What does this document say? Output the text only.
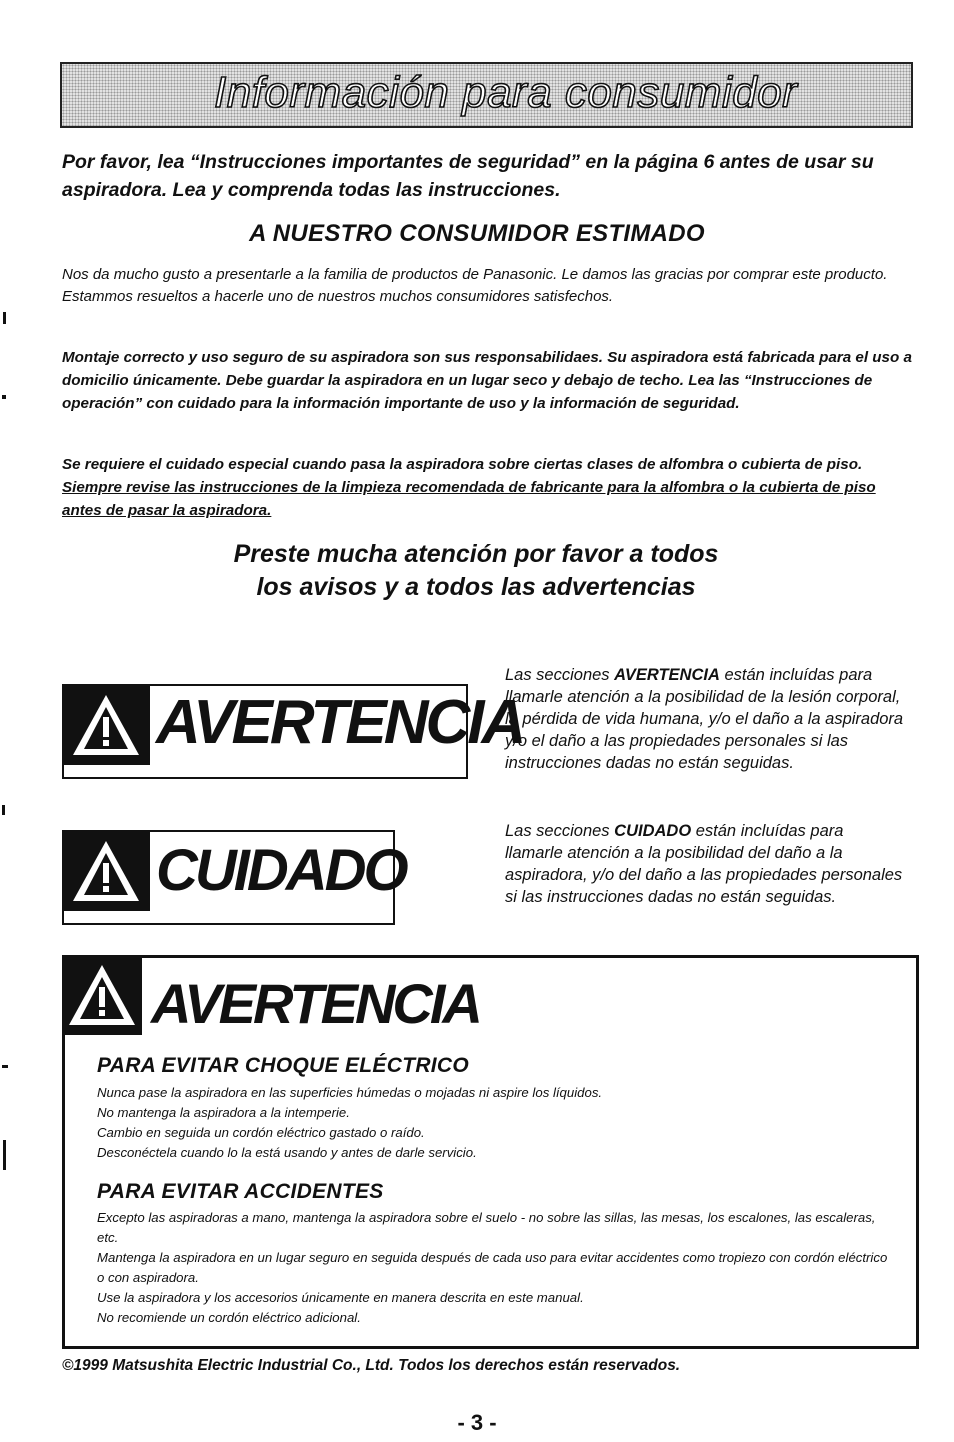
Información para consumidor
Por favor, lea “Instrucciones importantes de seguridad” en la página 6 antes de usar su aspiradora. Lea y comprenda todas las instrucciones.
A NUESTRO CONSUMIDOR ESTIMADO
Nos da mucho gusto a presentarle a la familia de productos de Panasonic. Le damos las gracias por comprar este producto. Estammos resueltos a hacerle uno de nuestros muchos consumidores satisfechos.
Montaje correcto y uso seguro de su aspiradora son sus responsabilidaes. Su aspiradora está fabricada para el uso a domicilio únicamente. Debe guardar la aspiradora en un lugar seco y debajo de techo. Lea las “Instrucciones de operación” con cuidado para la información importante de uso y la información de seguridad.
Se requiere el cuidado especial cuando pasa la aspiradora sobre ciertas clases de alfombra o cubierta de piso. Siempre revise las instrucciones de la limpieza recomendada de fabricante para la alfombra o la cubierta de piso antes de pasar la aspiradora.
Preste mucha atención por favor a todos
los avisos y a todos las advertencias
AVERTENCIA
CUIDADO
Las secciones AVERTENCIA están incluídas para llamarle atención a la posibilidad de la lesión corporal, la pérdida de vida humana, y/o el daño a la aspiradora y/o el daño a las propiedades personales si las instrucciones dadas no están seguidas.
Las secciones CUIDADO están incluídas para llamarle atención a la posibilidad del daño a la aspiradora, y/o del daño a las propiedades personales si las instrucciones dadas no están seguidas.
AVERTENCIA
PARA EVITAR CHOQUE ELÉCTRICO
Nunca pase la aspiradora en las superficies húmedas o mojadas ni aspire los líquidos.
No mantenga la aspiradora a la intemperie.
Cambio en seguida un cordón eléctrico gastado o raído.
Desconéctela cuando lo la está usando y antes de darle servicio.
PARA EVITAR ACCIDENTES
Excepto las aspiradoras a mano, mantenga la aspiradora sobre el suelo - no sobre las sillas, las mesas, los escalones, las escaleras, etc.
Mantenga la aspiradora en un lugar seguro en seguida después de cada uso para evitar accidentes como tropiezo con cordón eléctrico o con aspiradora.
Use la aspiradora y los accesorios únicamente en manera descrita en este manual.
No recomiende un cordón eléctrico adicional.
©1999 Matsushita Electric Industrial Co., Ltd. Todos los derechos están reservados.
- 3 -
